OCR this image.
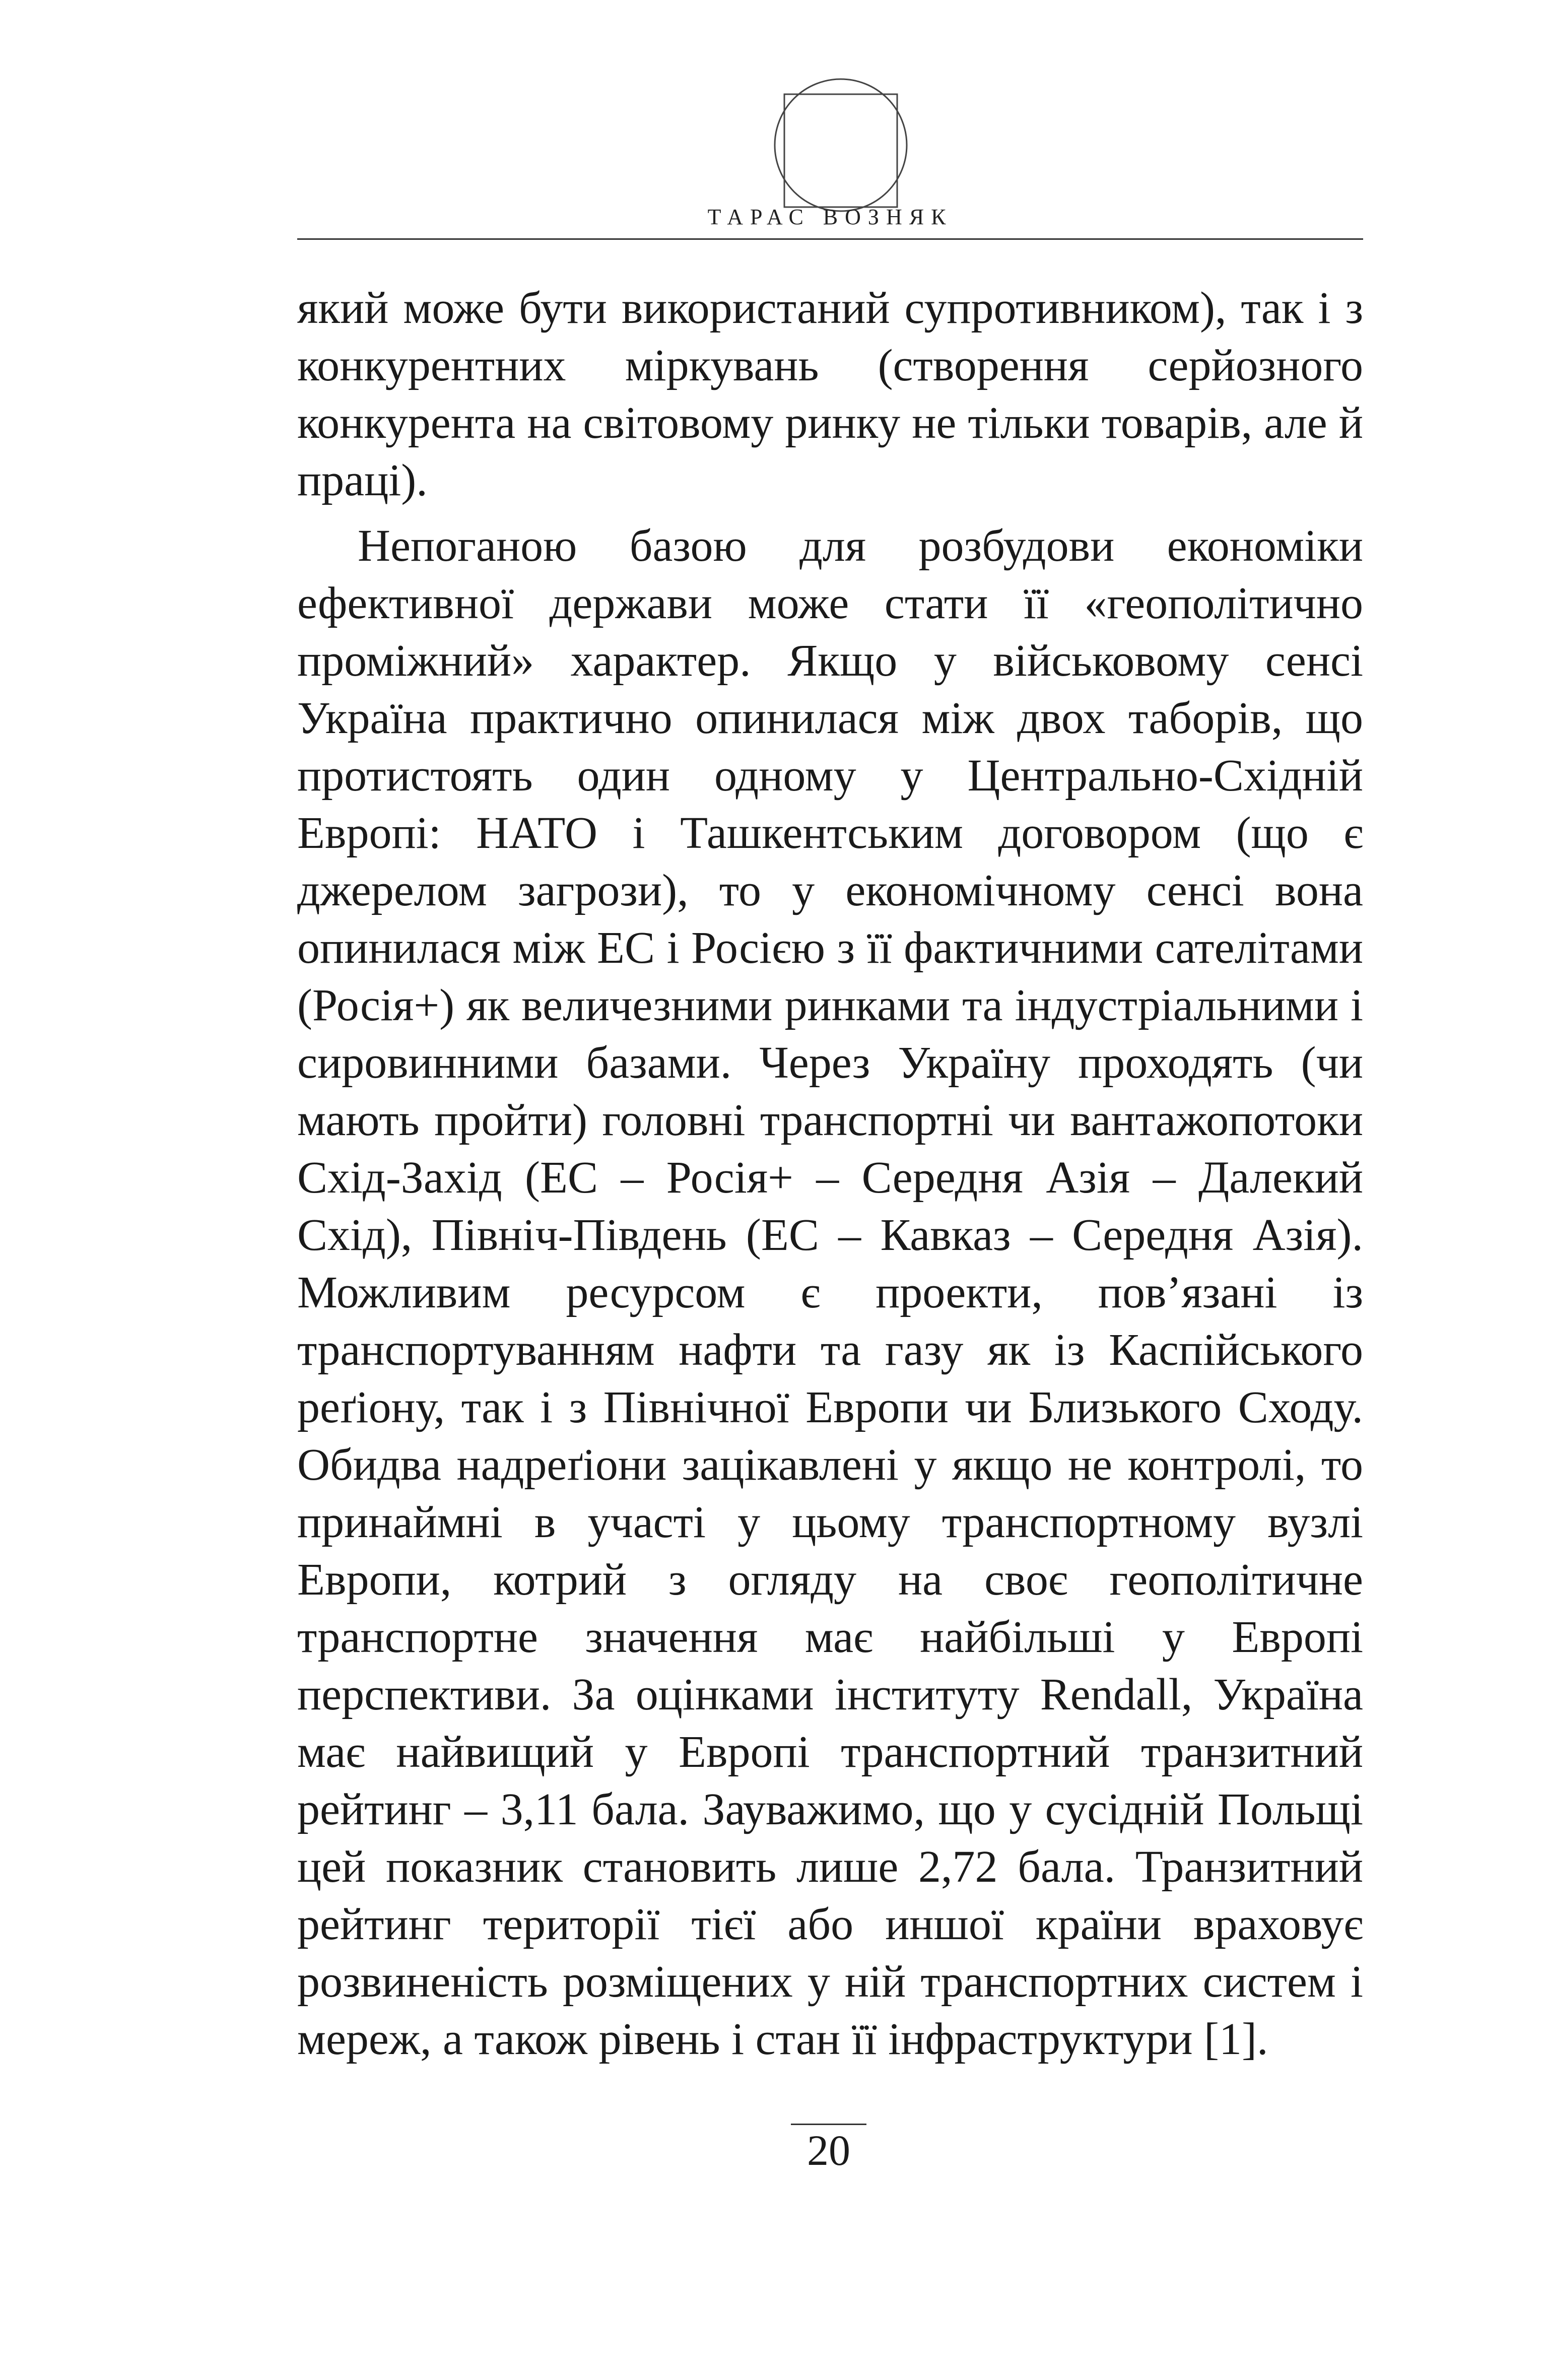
ТАРАС ВОЗНЯК

який може бути використаний супротивником), так і з конкурентних міркувань (створення серйозного конкурента на світовому ринку не тільки товарів, але й праці).

Непоганою базою для розбудови економіки ефективної держави може стати її «геополітично проміжний» характер. Якщо у військовому сенсі Україна практично опинилася між двох таборів, що протистоять один одному у Центрально-Східній Европі: НАТО і Ташкентським договором (що є джерелом загрози), то у економічному сенсі вона опинилася між ЕС і Росією з її фактичними сателітами (Росія+) як величезними ринками та індустріальними і сировинними базами. Через Україну проходять (чи мають пройти) головні транспортні чи вантажопотоки Схід-Захід (ЕС – Росія+ – Середня Азія – Далекий Схід), Північ-Південь (ЕС – Кавказ – Середня Азія). Можливим ресурсом є проекти, пов’язані із транспортуванням нафти та газу як із Каспійського реґіону, так і з Північної Европи чи Близького Сходу. Обидва надреґіони зацікавлені у якщо не контролі, то принаймні в участі у цьому транспортному вузлі Европи, котрий з огляду на своє геополітичне транспортне значення має найбільші у Европі перспективи. За оцінками інституту Rendall, Україна має найвищий у Европі транспортний транзитний рейтинг – 3,11 бала. Зауважимо, що у сусідній Польщі цей показник становить лише 2,72 бала. Транзитний рейтинг території тієї або иншої країни враховує розвиненість розміщених у ній транспортних систем і мереж, а також рівень і стан її інфраструктури [1].

20
